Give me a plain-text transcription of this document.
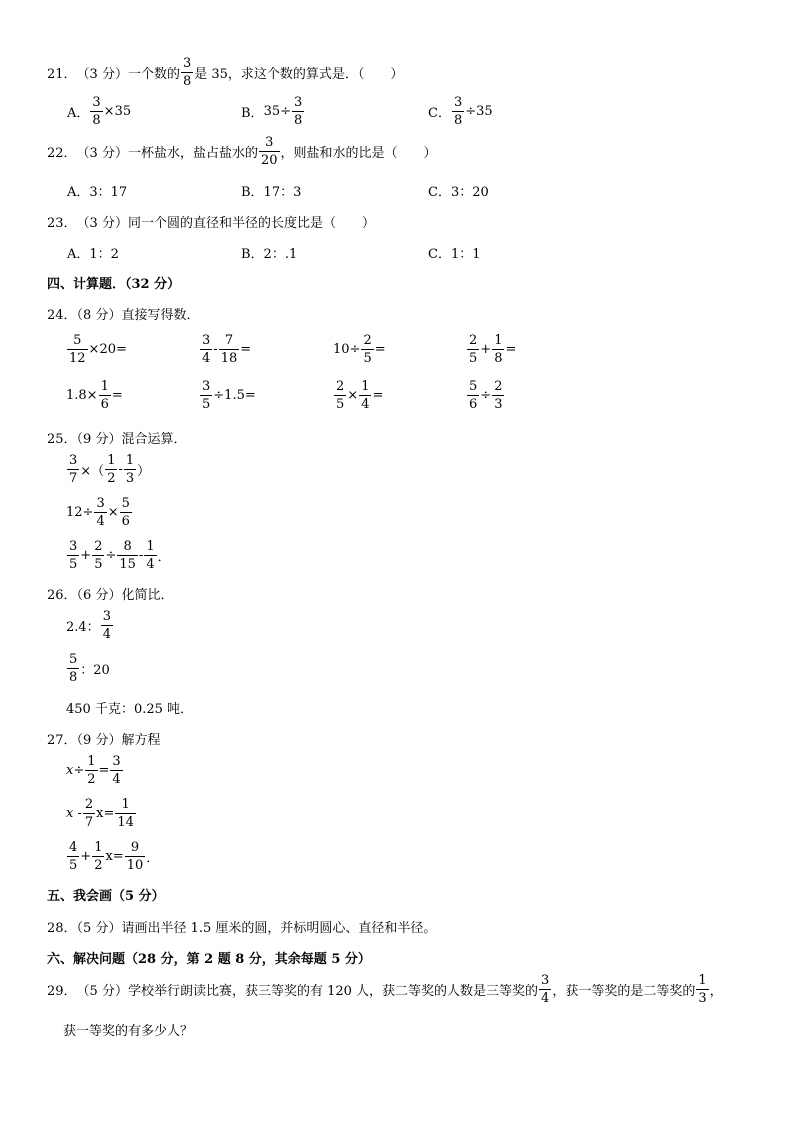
21． （3 分） 一个数的 $\frac{3}{8}$ 是 35，求这个数的算式是．（　　）
A． $\frac{3}{8} \times 35$	B． $35\div \frac{3}{8}$	C． $\frac{3}{8} \div 35$
22． （3 分） 一杯盐水，盐占盐水的 $\frac{3}{20}$ ，则盐和水的比是（　　）
A．3：17	B．17：3	C．3：20
23． （3 分） 同一个圆的直径和半径的长度比是（　　）
A．1：2	B．2：.1	C．1：1
四、计算题．（32 分）
24．（8 分）直接写得数．
$\frac{5}{12} \times 20=$	$\frac{3}{4} - \frac{7}{18}$ =	$10\div \frac{2}{5}$ =	$\frac{2}{5} + \frac{1}{8}$ =
$1.8\times \frac{1}{6}$ =	$\frac{3}{5} \div 1.5=$	$\frac{2}{5} \times \frac{1}{4}$ =	$\frac{5}{6} \div \frac{2}{3}$
25．（9 分）混合运算．
$\frac{3}{7}$ ×（ $\frac{1}{2} - \frac{1}{3}$ ）
$12\div \frac{3}{4} \times \frac{5}{6}$
$\frac{3}{5} + \frac{2}{5} \div \frac{8}{15} - \frac{1}{4}$ ．
26．（6 分）化简比．
2.4： $\frac{3}{4}$
$\frac{5}{8}$ ：20
450 千克：0.25 吨．
27．（9 分）解方程
$x\div \frac{1}{2} = \frac{3}{4}$
$x - \frac{2}{7} x= \frac{1}{14}$
$\frac{4}{5} + \frac{1}{2} x= \frac{9}{10}$ ．
五、我会画（5 分）
28．（5 分）请画出半径 1.5 厘米的圆，并标明圆心、直径和半径。
六、解决问题（28 分，第 2 题 8 分，其余每题 5 分）
29． （5 分） 学校举行朗读比赛，获三等奖的有 120 人，获二等奖的人数是三等奖的 $\frac{3}{4}$ ，获一等奖的是二等奖的 $\frac{1}{3}$ ，
获一等奖的有多少人？
